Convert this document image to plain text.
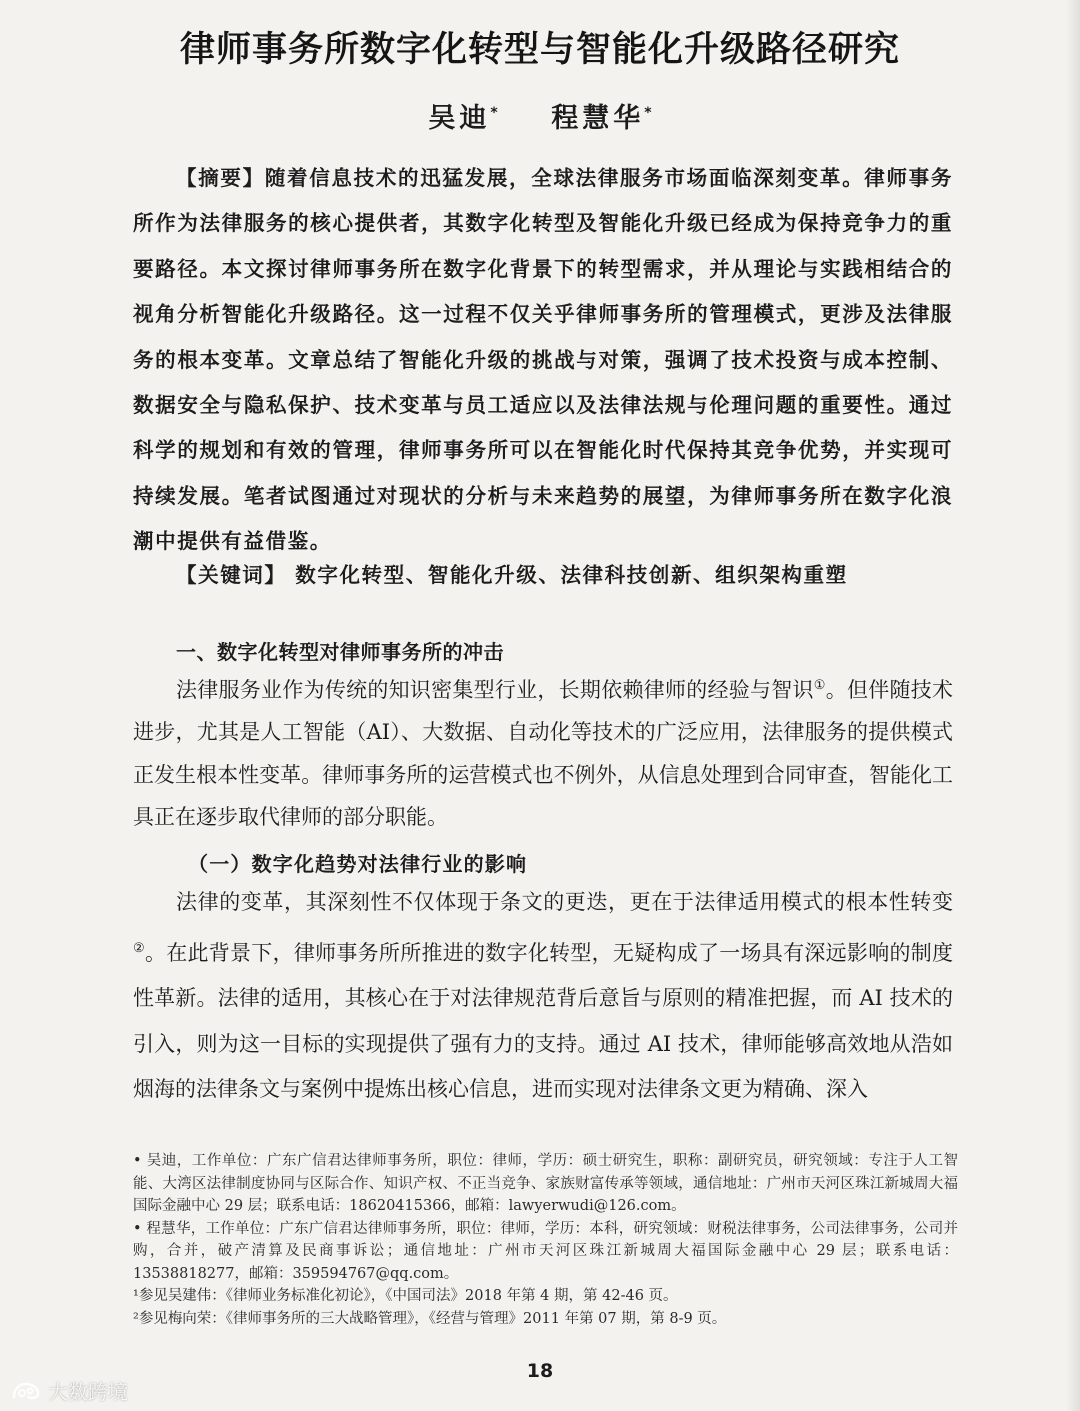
律师事务所数字化转型与智能化升级路径研究
吴迪* 程慧华*

【摘要】随着信息技术的迅猛发展，全球法律服务市场面临深刻变革。律师事务所作为法律服务的核心提供者，其数字化转型及智能化升级已经成为保持竞争力的重要路径。本文探讨律师事务所在数字化背景下的转型需求，并从理论与实践相结合的视角分析智能化升级路径。这一过程不仅关乎律师事务所的管理模式，更涉及法律服务的根本变革。文章总结了智能化升级的挑战与对策，强调了技术投资与成本控制、数据安全与隐私保护、技术变革与员工适应以及法律法规与伦理问题的重要性。通过科学的规划和有效的管理，律师事务所可以在智能化时代保持其竞争优势，并实现可持续发展。笔者试图通过对现状的分析与未来趋势的展望，为律师事务所在数字化浪潮中提供有益借鉴。

【关键词】 数字化转型、智能化升级、法律科技创新、组织架构重塑
一、数字化转型对律师事务所的冲击

法律服务业作为传统的知识密集型行业，长期依赖律师的经验与智识①。但伴随技术进步，尤其是人工智能（AI）、大数据、自动化等技术的广泛应用，法律服务的提供模式正发生根本性变革。律师事务所的运营模式也不例外，从信息处理到合同审查，智能化工具正在逐步取代律师的部分职能。

（一）数字化趋势对法律行业的影响

法律的变革，其深刻性不仅体现于条文的更迭，更在于法律适用模式的根本性转变②。在此背景下，律师事务所所推进的数字化转型，无疑构成了一场具有深远影响的制度性革新。法律的适用，其核心在于对法律规范背后意旨与原则的精准把握，而 AI 技术的引入，则为这一目标的实现提供了强有力的支持。通过 AI 技术，律师能够高效地从浩如烟海的法律条文与案例中提炼出核心信息，进而实现对法律条文更为精确、深入

• 吴迪，工作单位：广东广信君达律师事务所，职位：律师，学历：硕士研究生，职称：副研究员，研究领域：专注于人工智能、大湾区法律制度协同与区际合作、知识产权、不正当竞争、家族财富传承等领域，通信地址：广州市天河区珠江新城周大福国际金融中心 29 层；联系电话：18620415366，邮箱：lawyerwudi@126.com。

• 程慧华，工作单位：广东广信君达律师事务所，职位：律师，学历：本科，研究领域：财税法律事务，公司法律事务，公司并购，合并，破产清算及民商事诉讼；通信地址：广州市天河区珠江新城周大福国际金融中心 29 层；联系电话：13538818277，邮箱：359594767@qq.com。

¹参见吴建伟：《律师业务标准化初论》，《中国司法》2018 年第 4 期，第 42-46 页。

²参见梅向荣：《律师事务所的三大战略管理》，《经营与管理》2011 年第 07 期，第 8-9 页。

18
大数跨境
